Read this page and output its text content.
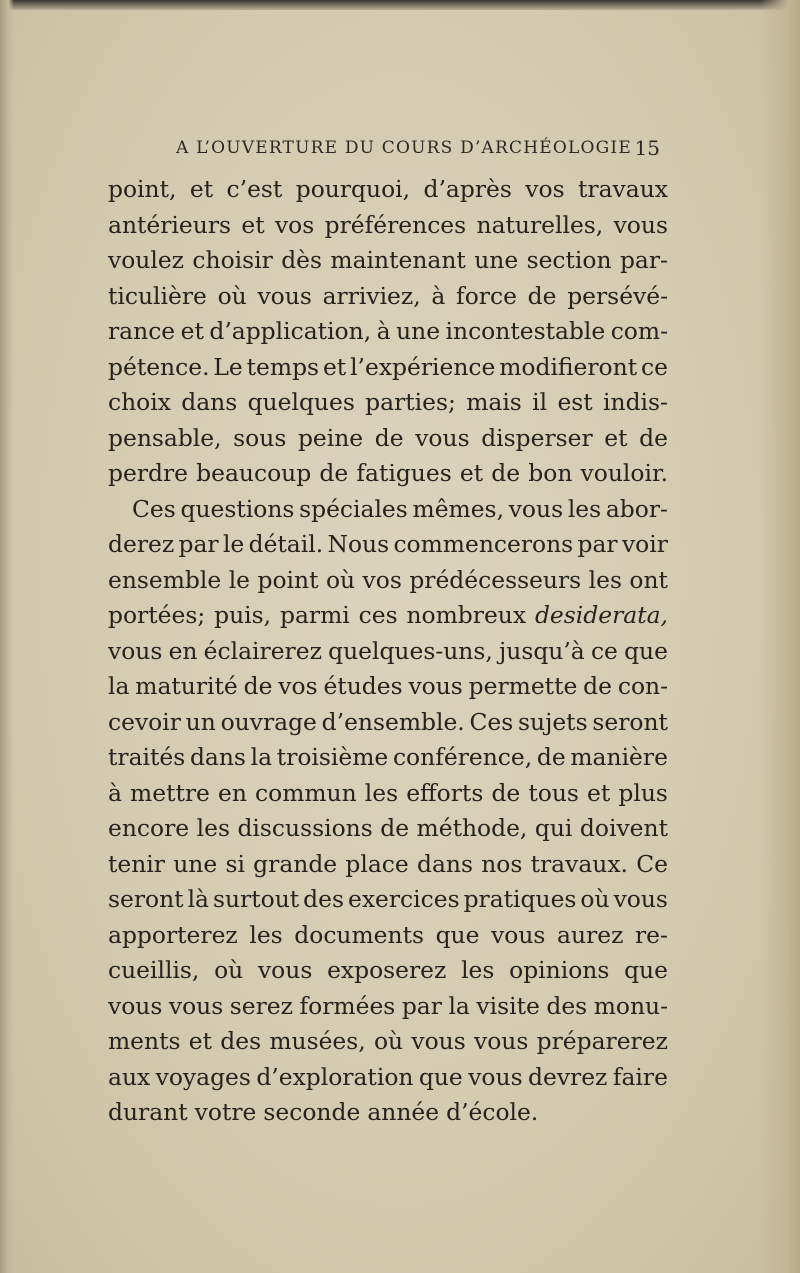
A L’OUVERTURE DU COURS D’ARCHÉOLOGIE 15
point, et c’est pourquoi, d’après vos travaux
antérieurs et vos préférences naturelles, vous
voulez choisir dès maintenant une section par-
ticulière où vous arriviez, à force de persévé-
rance et d’application, à une incontestable com-
pétence. Le temps et l’expérience modifieront ce
choix dans quelques parties; mais il est indis-
pensable, sous peine de vous disperser et de
perdre beaucoup de fatigues et de bon vouloir.
Ces questions spéciales mêmes, vous les abor-
derez par le détail. Nous commencerons par voir
ensemble le point où vos prédécesseurs les ont
portées; puis, parmi ces nombreux desiderata,
vous en éclairerez quelques-uns, jusqu’à ce que
la maturité de vos études vous permette de con-
cevoir un ouvrage d’ensemble. Ces sujets seront
traités dans la troisième conférence, de manière
à mettre en commun les efforts de tous et plus
encore les discussions de méthode, qui doivent
tenir une si grande place dans nos travaux. Ce
seront là surtout des exercices pratiques où vous
apporterez les documents que vous aurez re-
cueillis, où vous exposerez les opinions que
vous vous serez formées par la visite des monu-
ments et des musées, où vous vous préparerez
aux voyages d’exploration que vous devrez faire
durant votre seconde année d’école.
